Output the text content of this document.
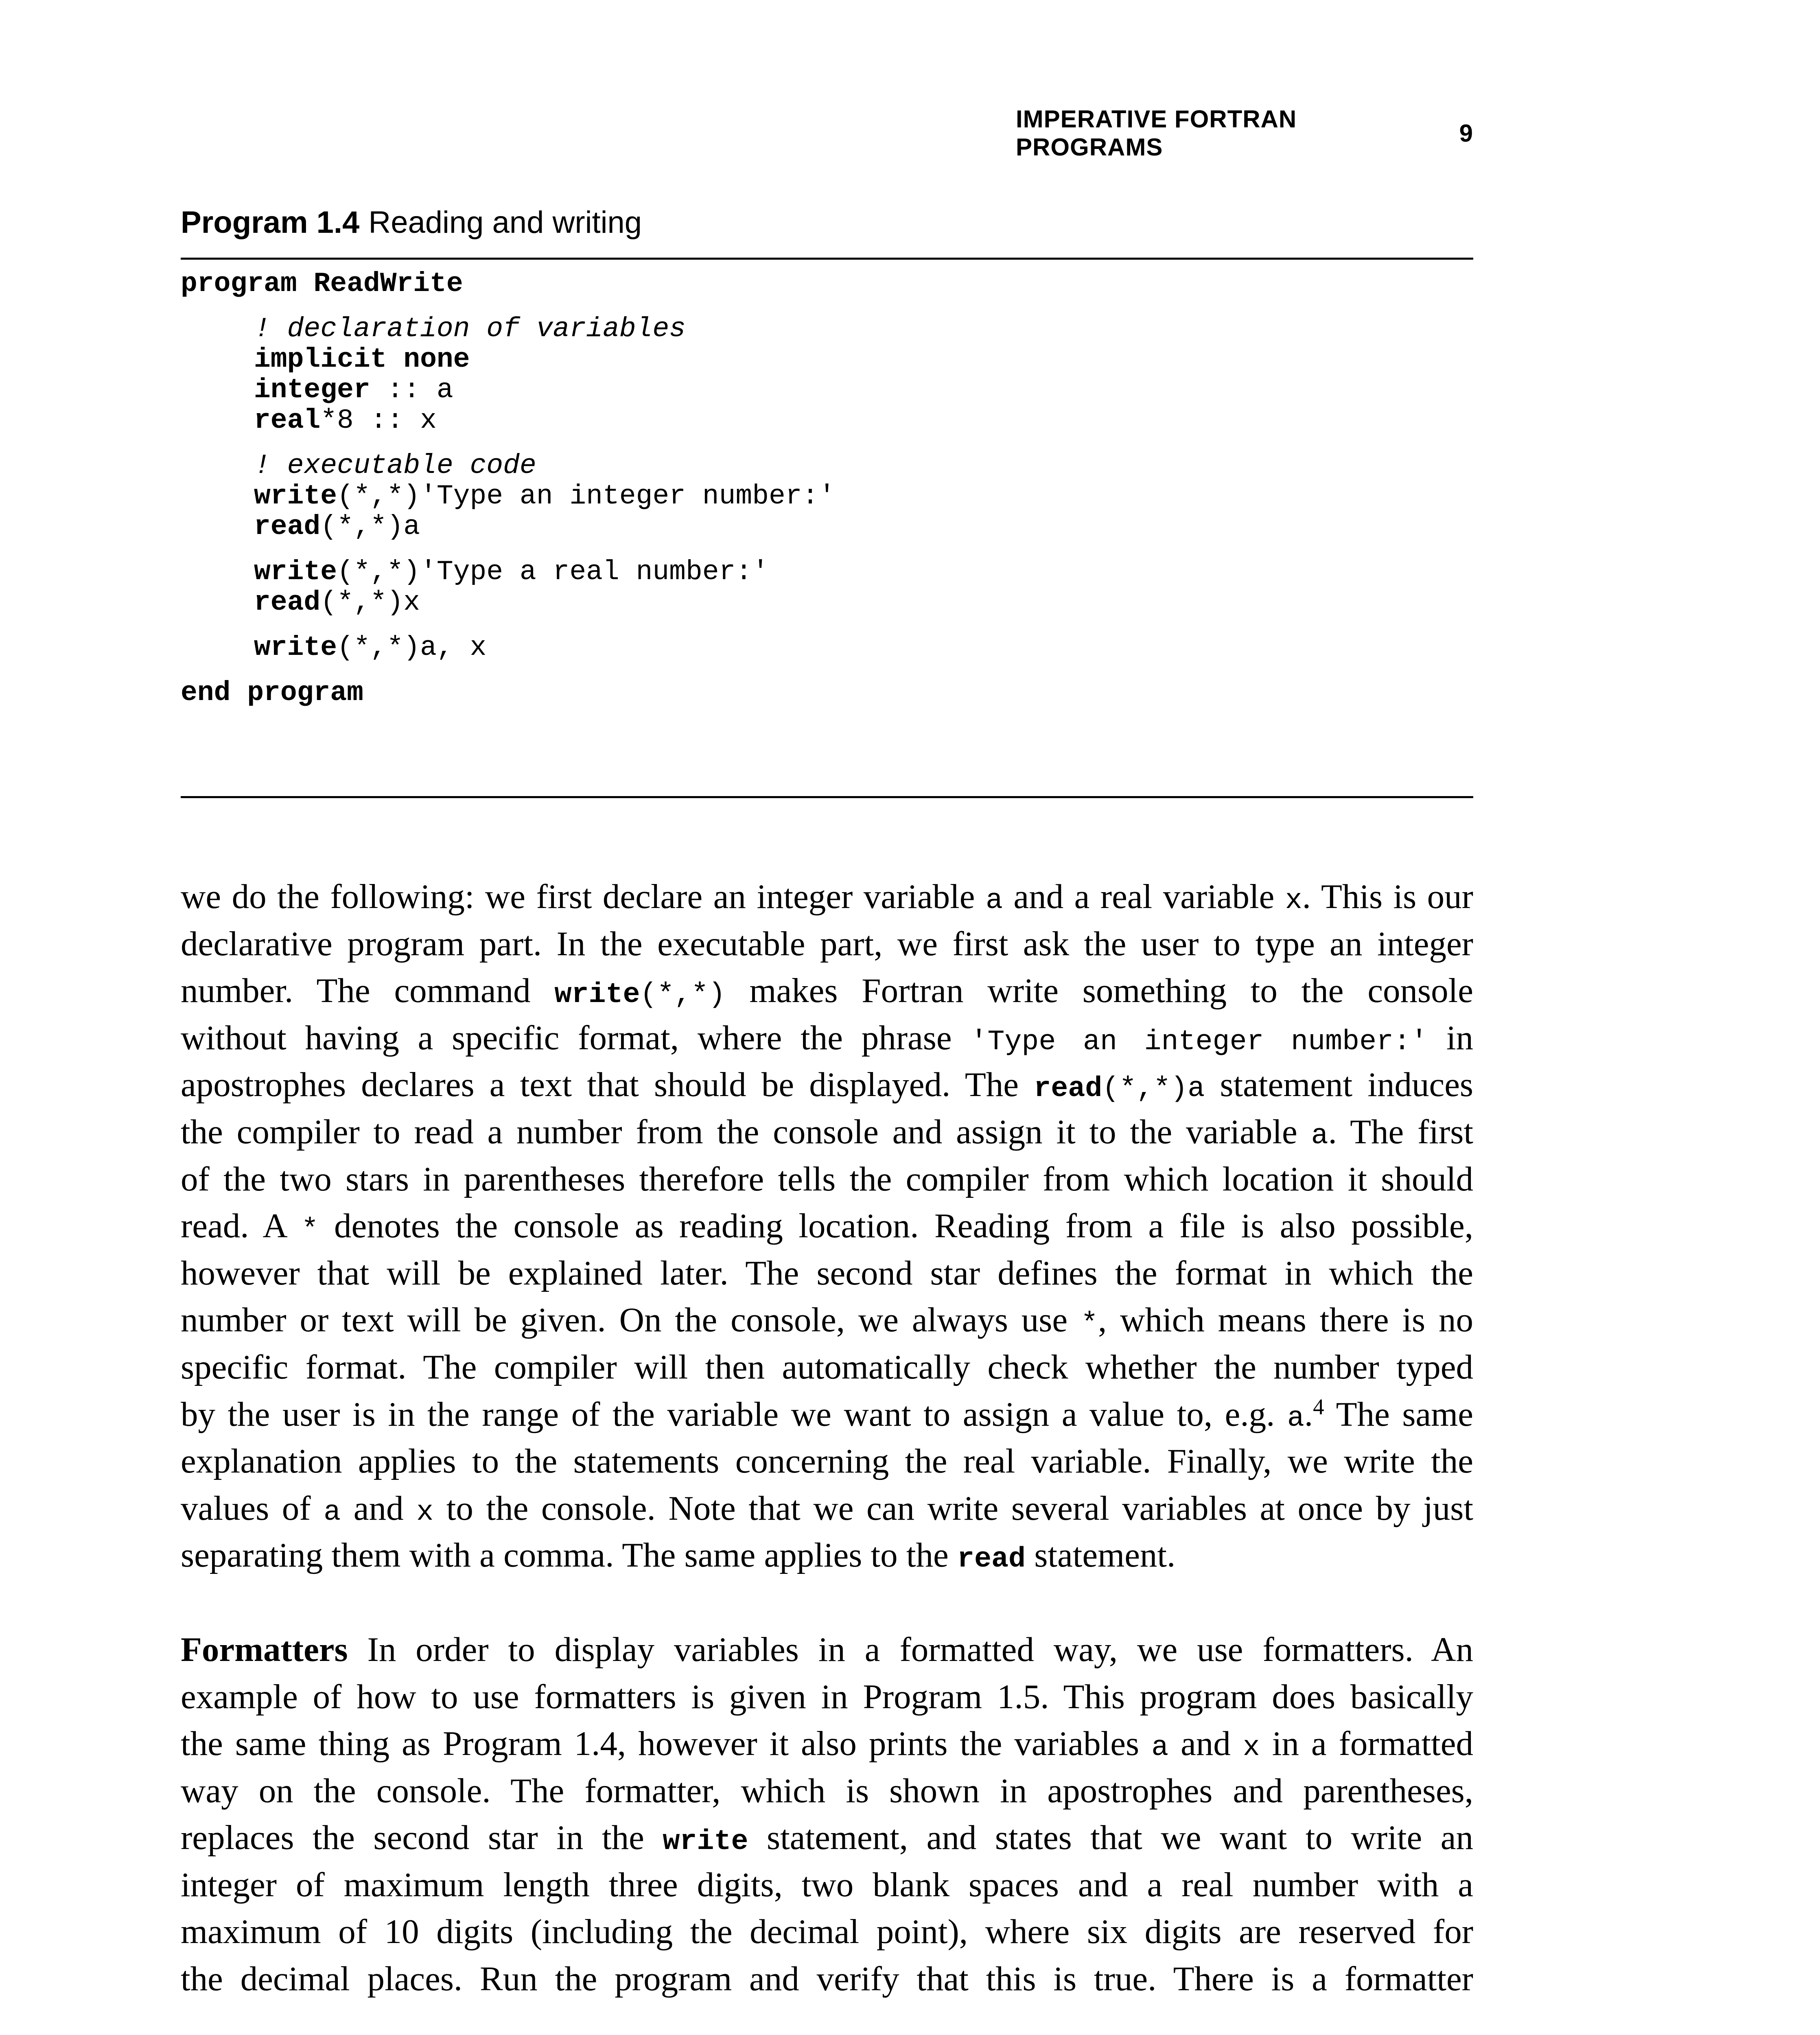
IMPERATIVE FORTRAN PROGRAMS
9
Program 1.4 Reading and writing
program ReadWrite
! declaration of variables
implicit none
integer :: a
real*8 :: x
! executable code
write(*,*)'Type an integer number:'
read(*,*)a
write(*,*)'Type a real number:'
read(*,*)x
write(*,*)a, x
end program
we do the following: we first declare an integer variable a and a real variable x. This is our
declarative program part. In the executable part, we first ask the user to type an integer
number. The command write(*,*) makes Fortran write something to the console
without having a specific format, where the phrase 'Type an integer number:' in
apostrophes declares a text that should be displayed. The read(*,*)a statement induces
the compiler to read a number from the console and assign it to the variable a. The first
of the two stars in parentheses therefore tells the compiler from which location it should
read. A * denotes the console as reading location. Reading from a file is also possible,
however that will be explained later. The second star defines the format in which the
number or text will be given. On the console, we always use *, which means there is no
specific format. The compiler will then automatically check whether the number typed
by the user is in the range of the variable we want to assign a value to, e.g. a.$^4$ The same
explanation applies to the statements concerning the real variable. Finally, we write the
values of a and x to the console. Note that we can write several variables at once by just
separating them with a comma. The same applies to the read statement.
Formatters In order to display variables in a formatted way, we use formatters. An
example of how to use formatters is given in Program 1.5. This program does basically
the same thing as Program 1.4, however it also prints the variables a and x in a formatted
way on the console. The formatter, which is shown in apostrophes and parentheses,
replaces the second star in the write statement, and states that we want to write an
integer of maximum length three digits, two blank spaces and a real number with a
maximum of 10 digits (including the decimal point), where six digits are reserved for
the decimal places. Run the program and verify that this is true. There is a formatter
